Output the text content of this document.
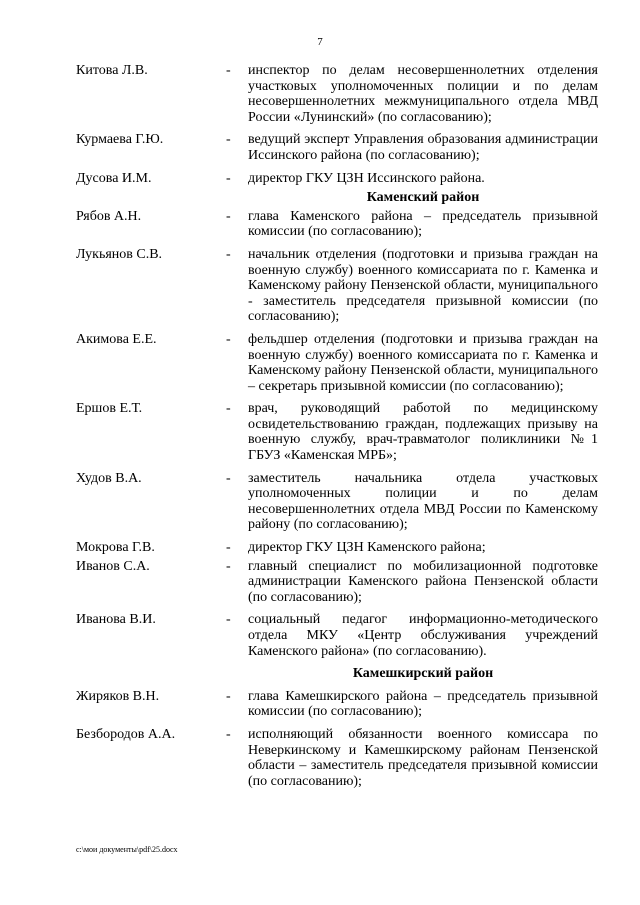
7
Китова Л.В.	-	инспектор по делам несовершеннолетних отделения участковых уполномоченных полиции и по делам несовершеннолетних межмуниципального отдела МВД России «Лунинский» (по согласованию);
Курмаева Г.Ю.	-	ведущий эксперт Управления образования администрации Иссинского района (по согласованию);
Дусова И.М.	-	директор ГКУ ЦЗН Иссинского района.
Каменский район
Рябов А.Н.	-	глава Каменского района – председатель призывной комиссии (по согласованию);
Лукьянов С.В.	-	начальник отделения (подготовки и призыва граждан на военную службу) военного комиссариата по г. Каменка и Каменскому району Пензенской области, муниципального - заместитель председателя призывной комиссии (по согласованию);
Акимова Е.Е.	-	фельдшер отделения (подготовки и призыва граждан на военную службу) военного комиссариата по г. Каменка и Каменскому району Пензенской области, муниципального – секретарь призывной комиссии (по согласованию);
Ершов Е.Т.	-	врач, руководящий работой по медицинскому освидетельствованию граждан, подлежащих призыву на военную службу, врач-травматолог поликлиники №1 ГБУЗ «Каменская МРБ»;
Худов В.А.	-	заместитель начальника отдела участковых уполномоченных полиции и по делам несовершеннолетних отдела МВД России по Каменскому району (по согласованию);
Мокрова Г.В.	-	директор ГКУ ЦЗН Каменского района;
Иванов С.А.	-	главный специалист по мобилизационной подготовке администрации Каменского района Пензенской области (по согласованию);
Иванова В.И.	-	социальный педагог информационно-методического отдела МКУ «Центр обслуживания учреждений Каменского района» (по согласованию).
Камешкирский район
Жиряков В.Н.	-	глава Камешкирского района – председатель призывной комиссии (по согласованию);
Безбородов А.А.	-	исполняющий обязанности военного комиссара по Неверкинскому и Камешкирскому районам Пензенской области – заместитель председателя призывной комиссии (по согласованию);
c:\мои документы\pdf\25.docx
